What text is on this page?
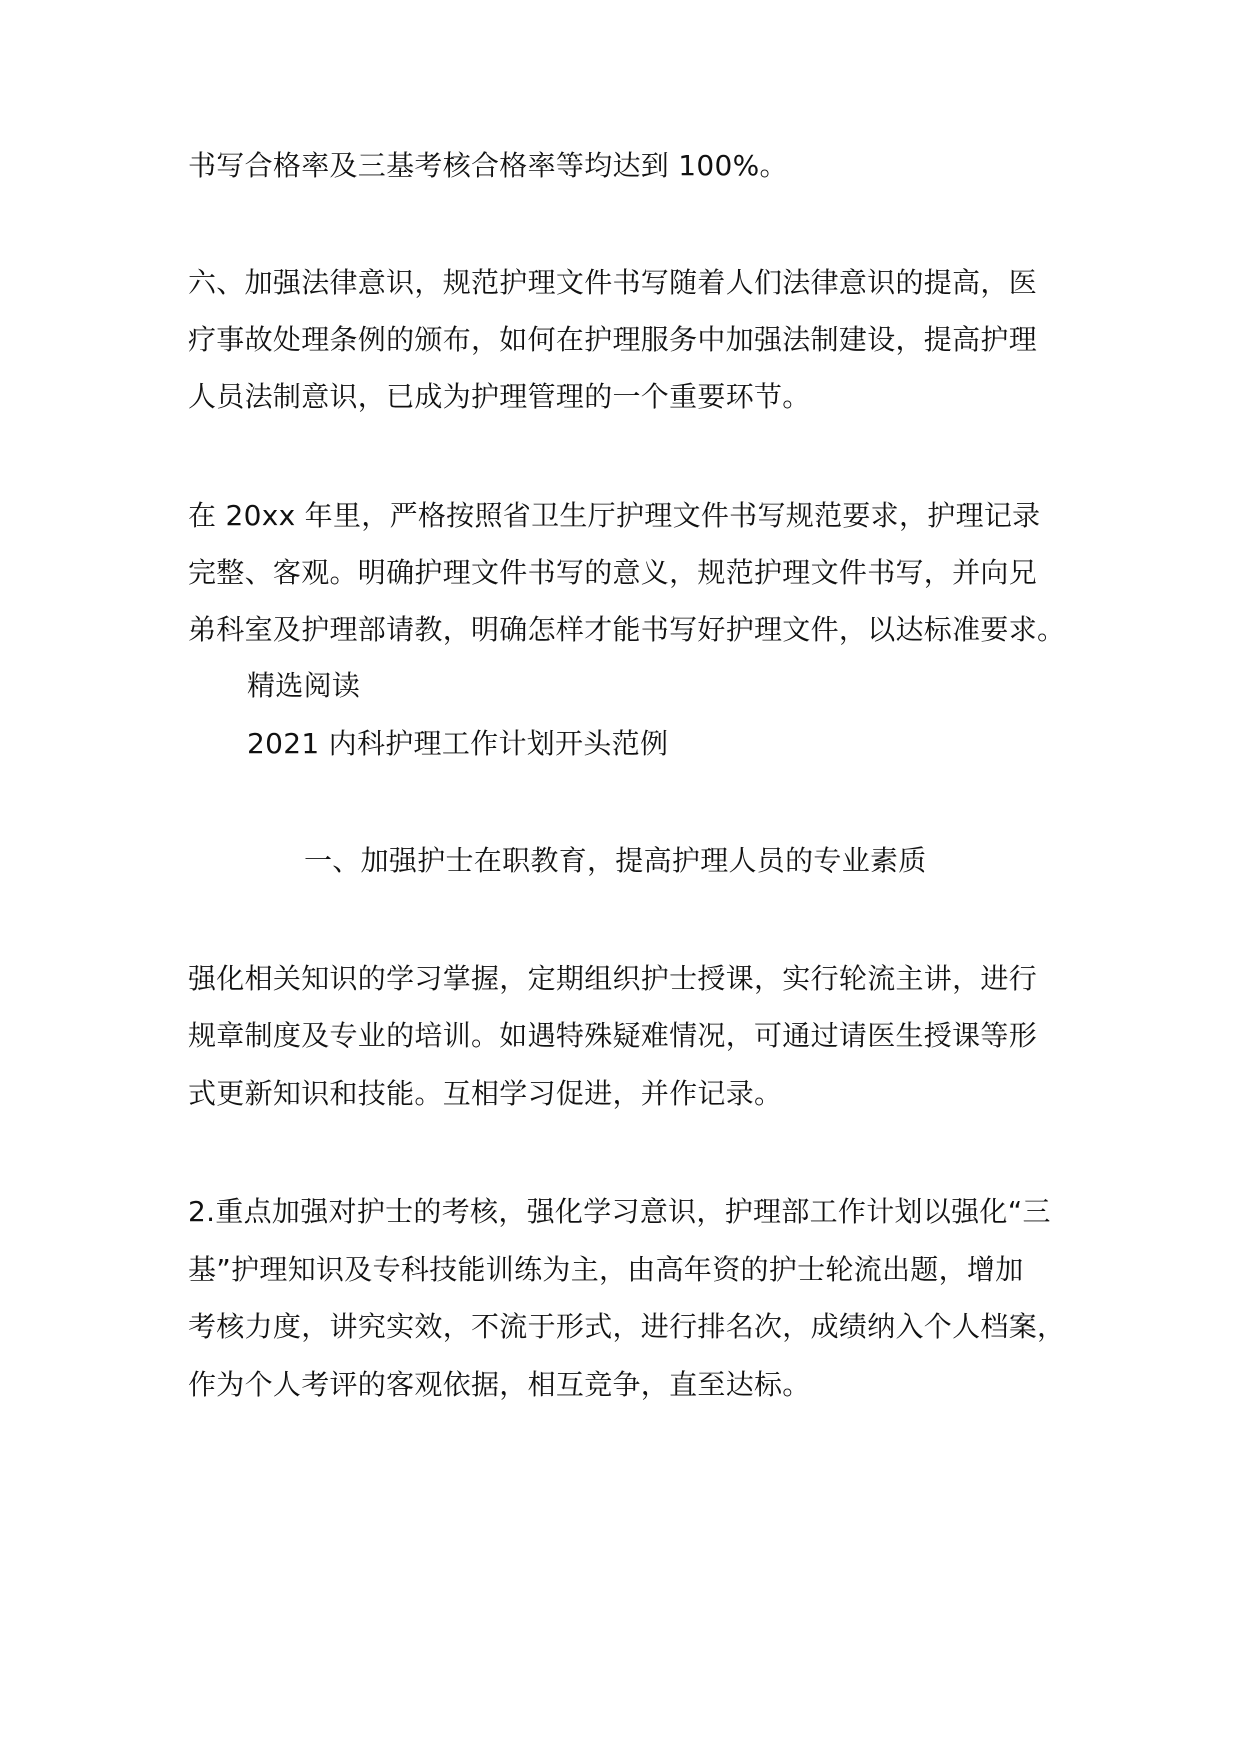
书写合格率及三基考核合格率等均达到 100%。
六、加强法律意识，规范护理文件书写随着人们法律意识的提高，医
疗事故处理条例的颁布，如何在护理服务中加强法制建设，提高护理
人员法制意识，已成为护理管理的一个重要环节。
在 20xx 年里，严格按照省卫生厅护理文件书写规范要求，护理记录
完整、客观。明确护理文件书写的意义，规范护理文件书写，并向兄
弟科室及护理部请教，明确怎样才能书写好护理文件，以达标准要求。
精选阅读
2021 内科护理工作计划开头范例
一、加强护士在职教育，提高护理人员的专业素质
强化相关知识的学习掌握，定期组织护士授课，实行轮流主讲，进行
规章制度及专业的培训。如遇特殊疑难情况，可通过请医生授课等形
式更新知识和技能。互相学习促进，并作记录。
2.重点加强对护士的考核，强化学习意识，护理部工作计划以强化“三
基”护理知识及专科技能训练为主，由高年资的护士轮流出题，增加
考核力度，讲究实效，不流于形式，进行排名次，成绩纳入个人档案，
作为个人考评的客观依据，相互竞争，直至达标。
